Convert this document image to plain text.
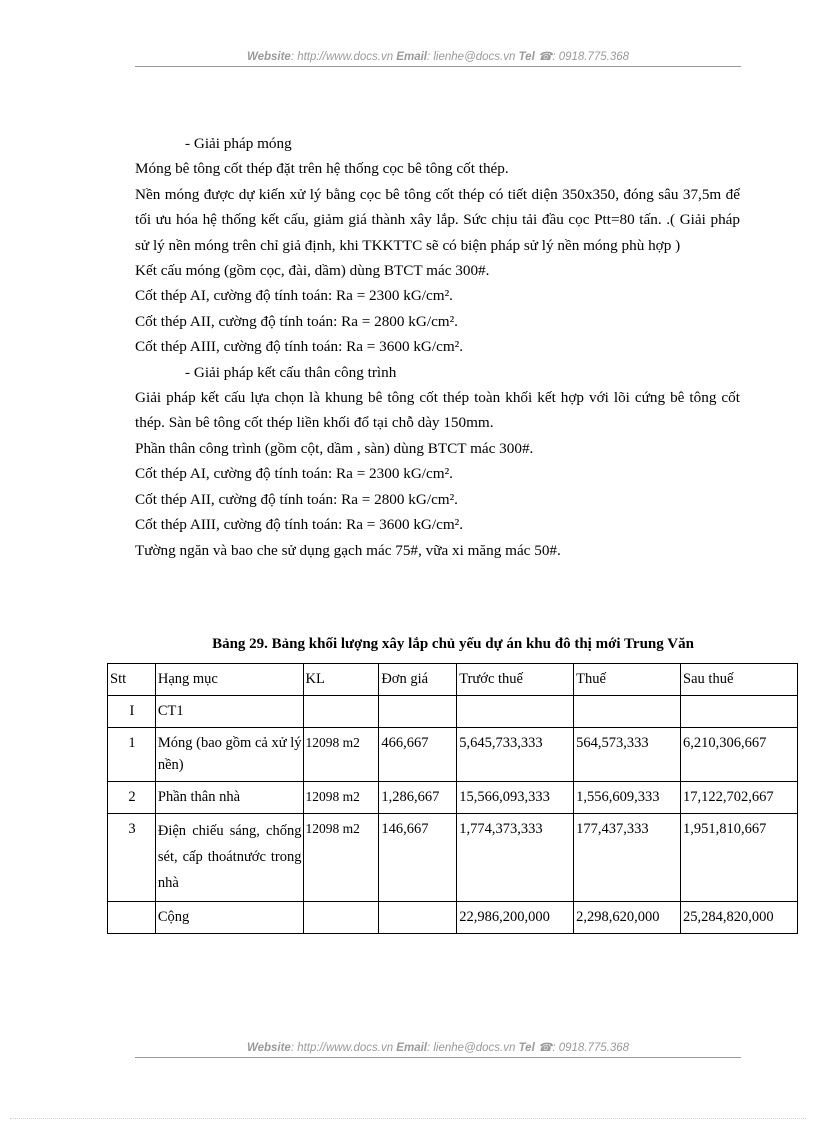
Website: http://www.docs.vn Email: lienhe@docs.vn Tel ☎: 0918.775.368

- Giải pháp móng

Móng bê tông cốt thép đặt trên hệ thống cọc bê tông cốt thép.

Nền móng được dự kiến xử lý bằng cọc bê tông cốt thép có tiết diện 350x350, đóng sâu 37,5m để tối ưu hóa hệ thống kết cấu, giảm giá thành xây lắp. Sức chịu tải đầu cọc Ptt=80 tấn. .( Giải pháp sử lý nền móng trên chỉ giả định, khi TKKTTC sẽ có biện pháp sử lý nền móng phù hợp )

Kết cấu móng (gồm cọc, đài, dầm) dùng BTCT mác 300#.

Cốt thép AI, cường độ tính toán: Ra = 2300 kG/cm².

Cốt thép AII, cường độ tính toán: Ra = 2800 kG/cm².

Cốt thép AIII, cường độ tính toán: Ra = 3600 kG/cm².

- Giải pháp kết cấu thân công trình

Giải pháp kết cấu lựa chọn là khung bê tông cốt thép toàn khối kết hợp với lõi cứng bê tông cốt thép. Sàn bê tông cốt thép liền khối đổ tại chỗ dày 150mm.

Phần thân công trình (gồm cột, dầm , sàn) dùng BTCT mác 300#.

Cốt thép AI, cường độ tính toán: Ra = 2300 kG/cm².

Cốt thép AII, cường độ tính toán: Ra = 2800 kG/cm².

Cốt thép AIII, cường độ tính toán: Ra = 3600 kG/cm².

Tường ngăn và bao che sử dụng gạch mác 75#, vữa xi măng mác 50#.

Bảng 29. Bảng khối lượng xây lắp chủ yếu dự án khu đô thị mới Trung Văn
Stt	Hạng mục	KL	Đơn giá	Trước thuế	Thuế	Sau thuế
I	CT1					
1	Móng (bao gồm cả xử lý nền)	12098 m2	466,667	5,645,733,333	564,573,333	6,210,306,667
2	Phần thân nhà	12098 m2	1,286,667	15,566,093,333	1,556,609,333	17,122,702,667
3	Điện chiếu sáng, chống sét, cấp thoátnước trong nhà	12098 m2	146,667	1,774,373,333	177,437,333	1,951,810,667
	Cộng			22,986,200,000	2,298,620,000	25,284,820,000
Website: http://www.docs.vn Email: lienhe@docs.vn Tel ☎: 0918.775.368
